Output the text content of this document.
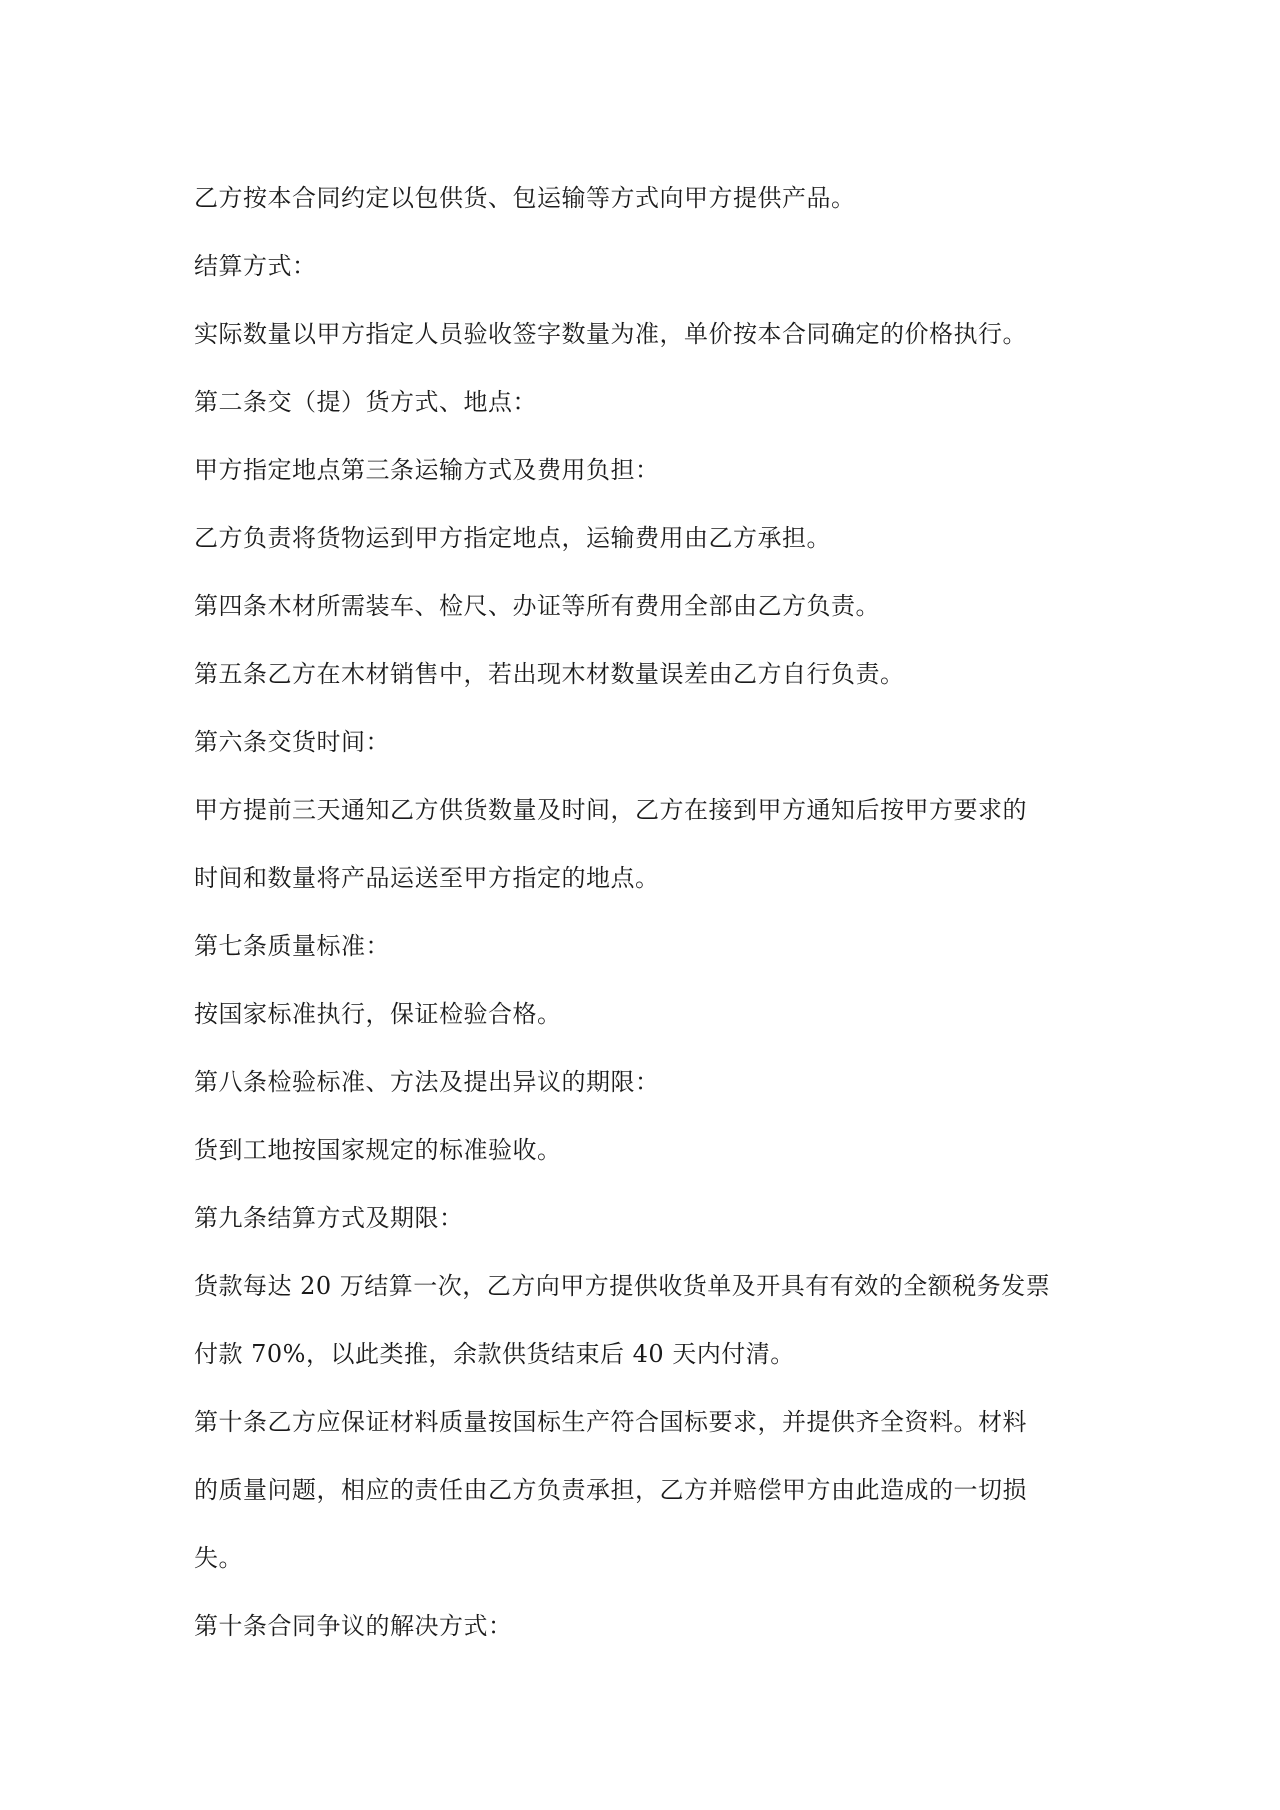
乙方按本合同约定以包供货、包运输等方式向甲方提供产品。

结算方式：

实际数量以甲方指定人员验收签字数量为准，单价按本合同确定的价格执行。

第二条交（提）货方式、地点：

甲方指定地点第三条运输方式及费用负担：

乙方负责将货物运到甲方指定地点，运输费用由乙方承担。

第四条木材所需装车、检尺、办证等所有费用全部由乙方负责。

第五条乙方在木材销售中，若出现木材数量误差由乙方自行负责。

第六条交货时间：

甲方提前三天通知乙方供货数量及时间，乙方在接到甲方通知后按甲方要求的

时间和数量将产品运送至甲方指定的地点。

第七条质量标准：

按国家标准执行，保证检验合格。

第八条检验标准、方法及提出异议的期限：

货到工地按国家规定的标准验收。

第九条结算方式及期限：

货款每达 20 万结算一次，乙方向甲方提供收货单及开具有有效的全额税务发票

付款 70%，以此类推，余款供货结束后 40 天内付清。

第十条乙方应保证材料质量按国标生产符合国标要求，并提供齐全资料。材料

的质量问题，相应的责任由乙方负责承担，乙方并赔偿甲方由此造成的一切损

失。

第十条合同争议的解决方式：
